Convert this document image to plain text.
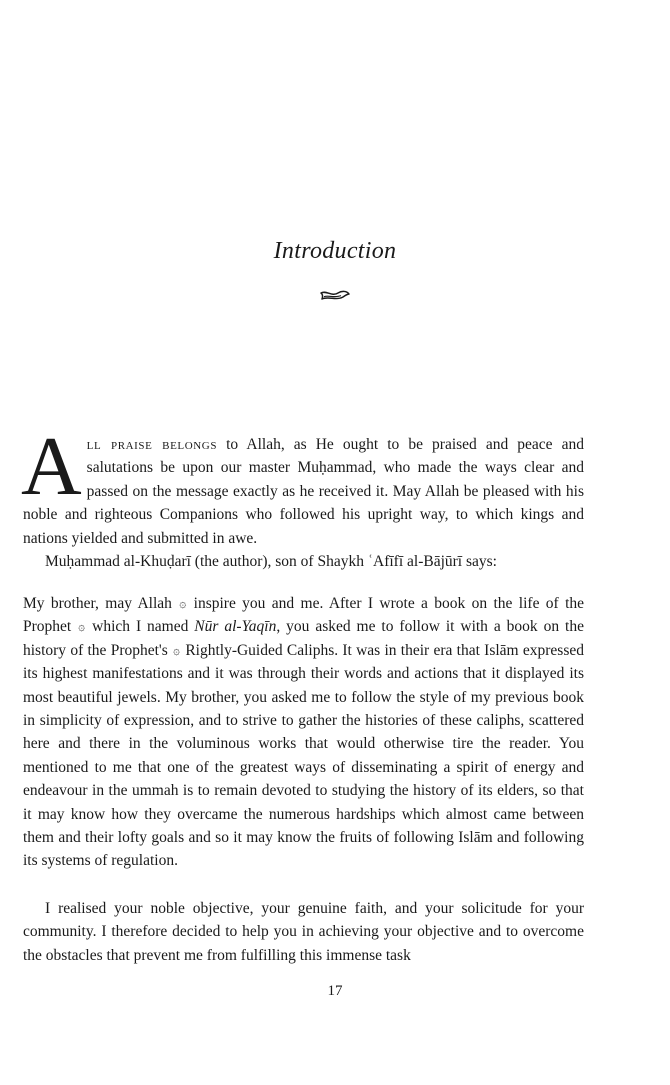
Introduction

All praise belongs to Allah, as He ought to be praised and peace and salutations be upon our master Muḥammad, who made the ways clear and passed on the message exactly as he received it. May Allah be pleased with his noble and righteous Companions who followed his upright way, to which kings and nations yielded and submitted in awe.

Muḥammad al-Khuḍarī (the author), son of Shaykh ʿAfīfī al-Bājūrī says:

My brother, may Allah ۞ inspire you and me. After I wrote a book on the life of the Prophet ۞ which I named Nūr al-Yaqīn, you asked me to follow it with a book on the history of the Prophet's ۞ Rightly-Guided Caliphs. It was in their era that Islām expressed its highest manifestations and it was through their words and actions that it displayed its most beautiful jewels. My brother, you asked me to follow the style of my previous book in simplicity of expression, and to strive to gather the histories of these caliphs, scattered here and there in the voluminous works that would otherwise tire the reader. You mentioned to me that one of the greatest ways of disseminating a spirit of energy and endeavour in the ummah is to remain devoted to studying the history of its elders, so that it may know how they overcame the numerous hardships which almost came between them and their lofty goals and so it may know the fruits of following Islām and following its systems of regulation.

I realised your noble objective, your genuine faith, and your solicitude for your community. I therefore decided to help you in achieving your objective and to overcome the obstacles that prevent me from fulfilling this immense task

17
